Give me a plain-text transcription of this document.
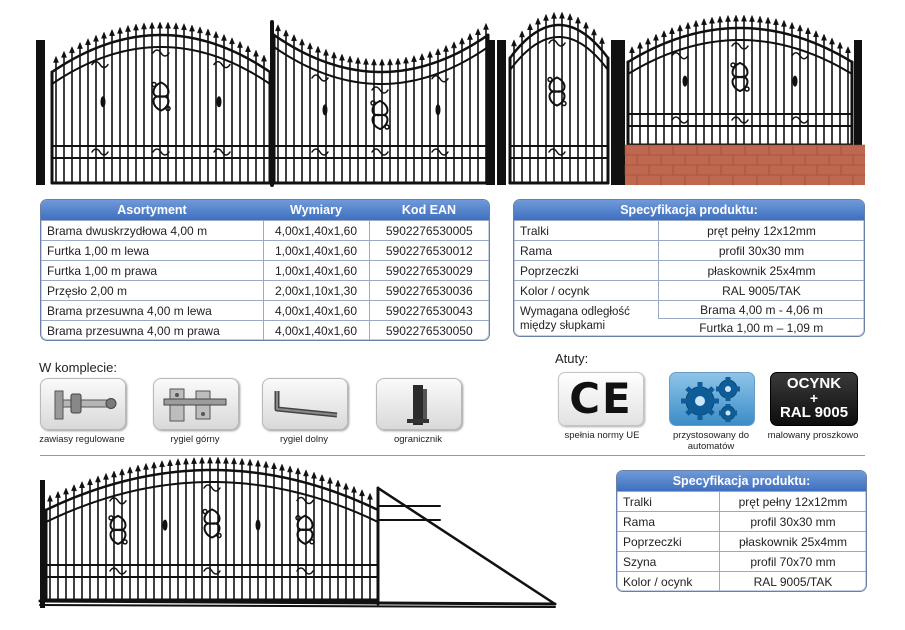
Asortyment	Wymiary	Kod EAN
Brama dwuskrzydłowa 4,00 m	4,00x1,40x1,60	5902276530005
Furtka 1,00 m lewa	1,00x1,40x1,60	5902276530012
Furtka 1,00 m prawa	1,00x1,40x1,60	5902276530029
Przęsło 2,00 m	2,00x1,10x1,30	5902276530036
Brama przesuwna 4,00 m lewa	4,00x1,40x1,60	5902276530043
Brama przesuwna 4,00 m prawa	4,00x1,40x1,60	5902276530050
Specyfikacja produktu:
Tralki	pręt pełny 12x12mm
Rama	profil 30x30 mm
Poprzeczki	płaskownik 25x4mm
Kolor / ocynk	RAL 9005/TAK
Wymagana odległość między słupkami	Brama 4,00 m - 4,06 m
	Furtka 1,00 m – 1,09 m
W komplecie:
zawiasy regulowane	rygiel górny	rygiel dolny	ogranicznik
Atuty:
CE
spełnia normy UE	przystosowany do automatów
OCYNK
+
RAL 9005
malowany proszkowo
Specyfikacja produktu:
Tralki	pręt pełny 12x12mm
Rama	profil 30x30 mm
Poprzeczki	płaskownik 25x4mm
Szyna	profil 70x70 mm
Kolor / ocynk	RAL 9005/TAK
